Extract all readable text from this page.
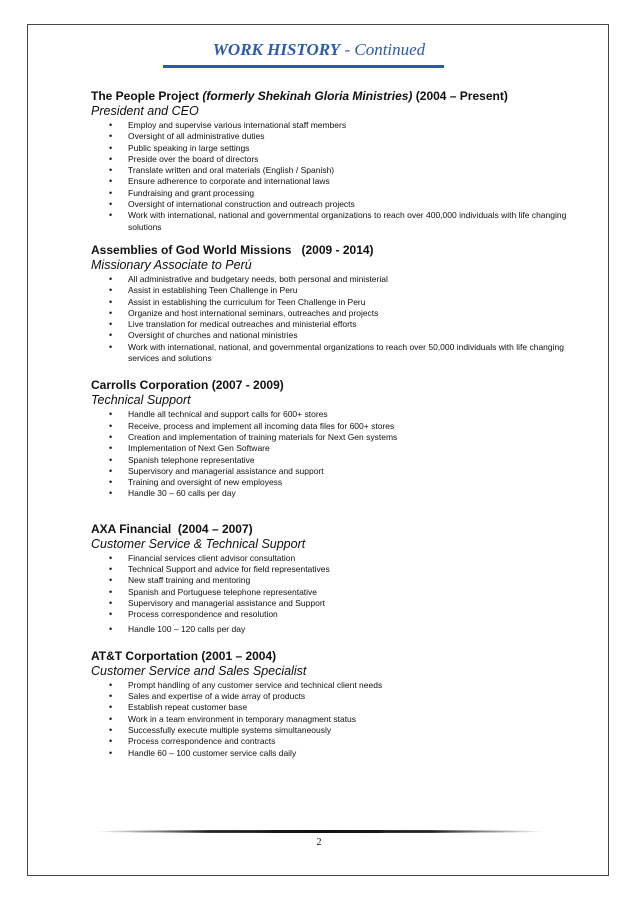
WORK HISTORY - Continued

The People Project (formerly Shekinah Gloria Ministries) (2004 – Present)

President and CEO

• Employ and supervise various international staff members
• Oversight of all administrative duties
• Public speaking in large settings
• Preside over the board of directors
• Translate written and oral materials (English / Spanish)
• Ensure adherence to corporate and international laws
• Fundraising and grant processing
• Oversight of international construction and outreach projects
• Work with international, national and governmental organizations to reach over 400,000 individuals with life changing solutions

Assemblies of God World Missions   (2009 - 2014)

Missionary Associate to Perú

• All administrative and budgetary needs, both personal and ministerial
• Assist in establishing Teen Challenge in Peru
• Assist in establishing the curriculum for Teen Challenge in Peru
• Organize and host international seminars, outreaches and projects
• Live translation for medical outreaches and ministerial efforts
• Oversight of churches and national ministries
• Work with international, national, and governmental organizations to reach over 50,000 individuals with life changing services and solutions

Carrolls Corporation (2007 - 2009)

Technical Support

• Handle all technical and support calls for 600+ stores
• Receive, process and implement all incoming data files for 600+ stores
• Creation and implementation of training materials for Next Gen systems
• Implementation of Next Gen Software
• Spanish telephone representative
• Supervisory and managerial assistance and support
• Training and oversight of new employess
• Handle 30 – 60 calls per day

AXA Financial  (2004 – 2007)

Customer Service & Technical Support

• Financial services client advisor consultation
• Technical Support and advice for field representatives
• New staff training and mentoring
• Spanish and Portuguese telephone representative
• Supervisory and managerial assistance and Support
• Process correspondence and resolution
• Handle 100 – 120 calls per day

AT&T Corportation (2001 – 2004)

Customer Service and Sales Specialist

• Prompt handling of any customer service and technical client needs
• Sales and expertise of a wide array of products
• Establish repeat customer base
• Work in a team environment in temporary managment status
• Successfully execute multiple systems simultaneously
• Process correspondence and contracts
• Handle 60 – 100 customer service calls daily
2
